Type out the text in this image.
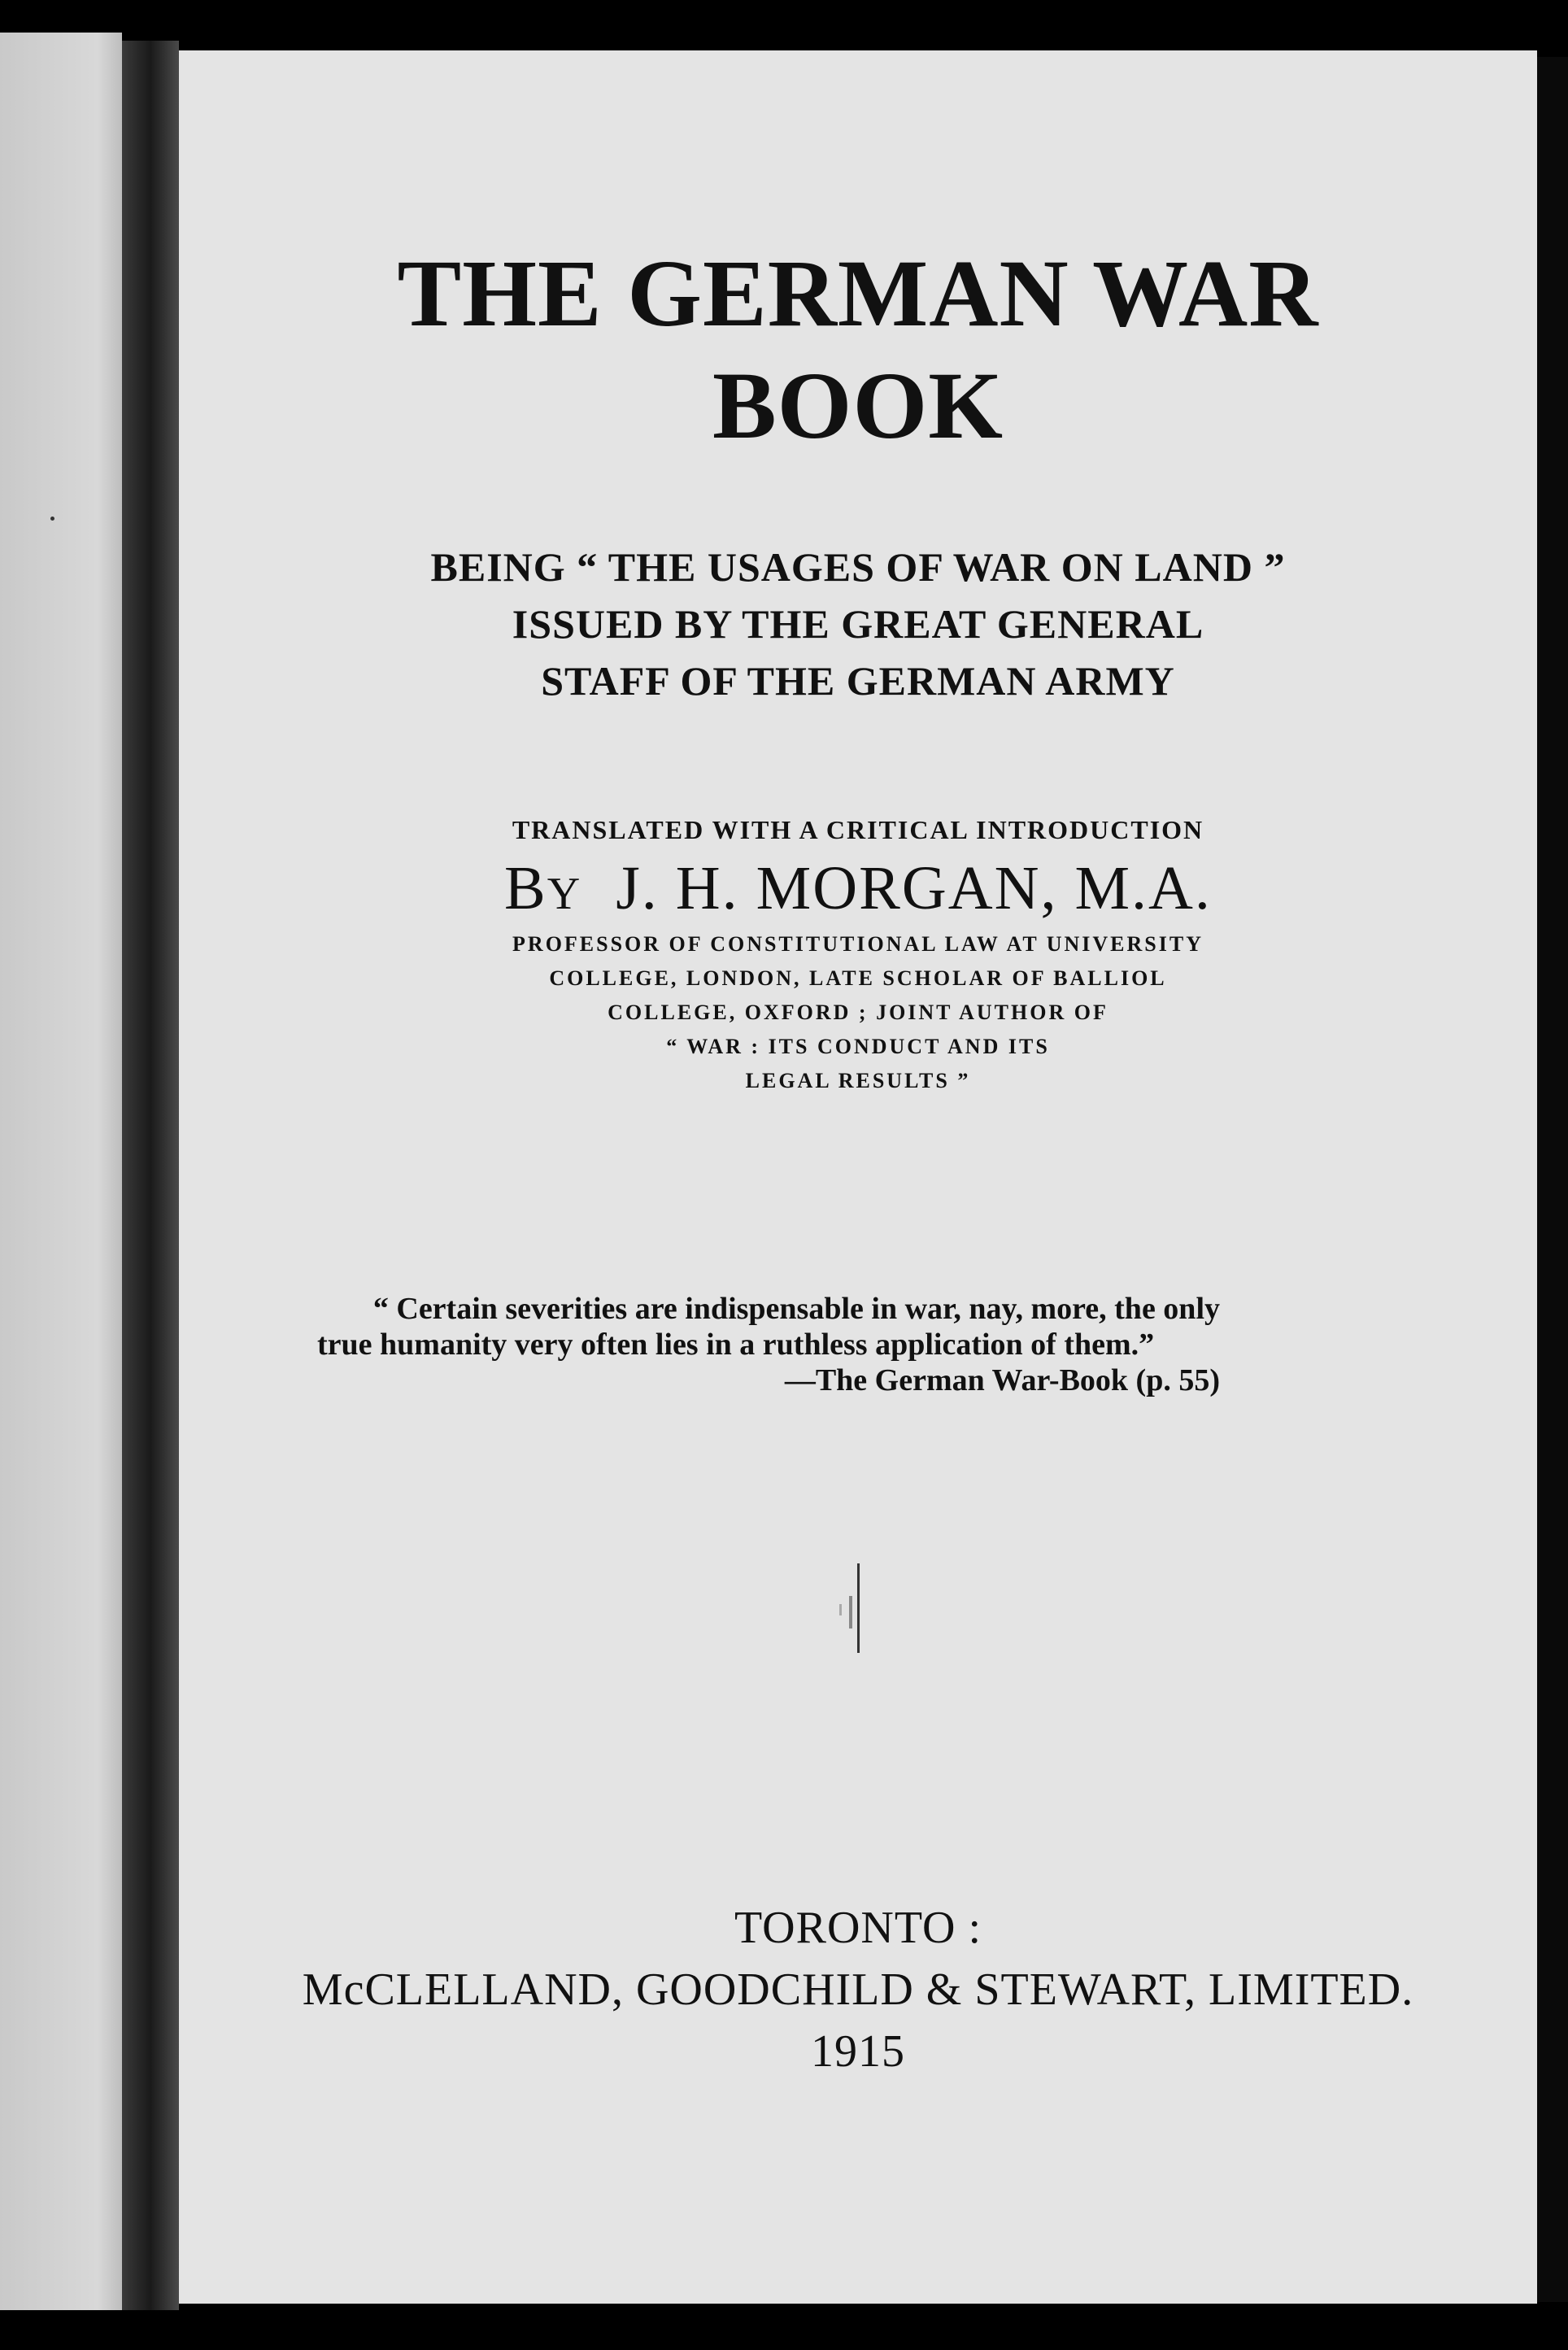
THE GERMAN WAR
BOOK
BEING “ THE USAGES OF WAR ON LAND ”
ISSUED BY THE GREAT GENERAL
STAFF OF THE GERMAN ARMY
TRANSLATED WITH A CRITICAL INTRODUCTION
BY J. H. MORGAN, M.A.
PROFESSOR OF CONSTITUTIONAL LAW AT UNIVERSITY
COLLEGE, LONDON, LATE SCHOLAR OF BALLIOL
COLLEGE, OXFORD ; JOINT AUTHOR OF
“ WAR : ITS CONDUCT AND ITS
LEGAL RESULTS ”
“ Certain severities are indispensable in war, nay, more, the only
true humanity very often lies in a ruthless application of them.”
—The German War-Book (p. 55)
TORONTO :
McCLELLAND, GOODCHILD & STEWART, LIMITED.
1915
